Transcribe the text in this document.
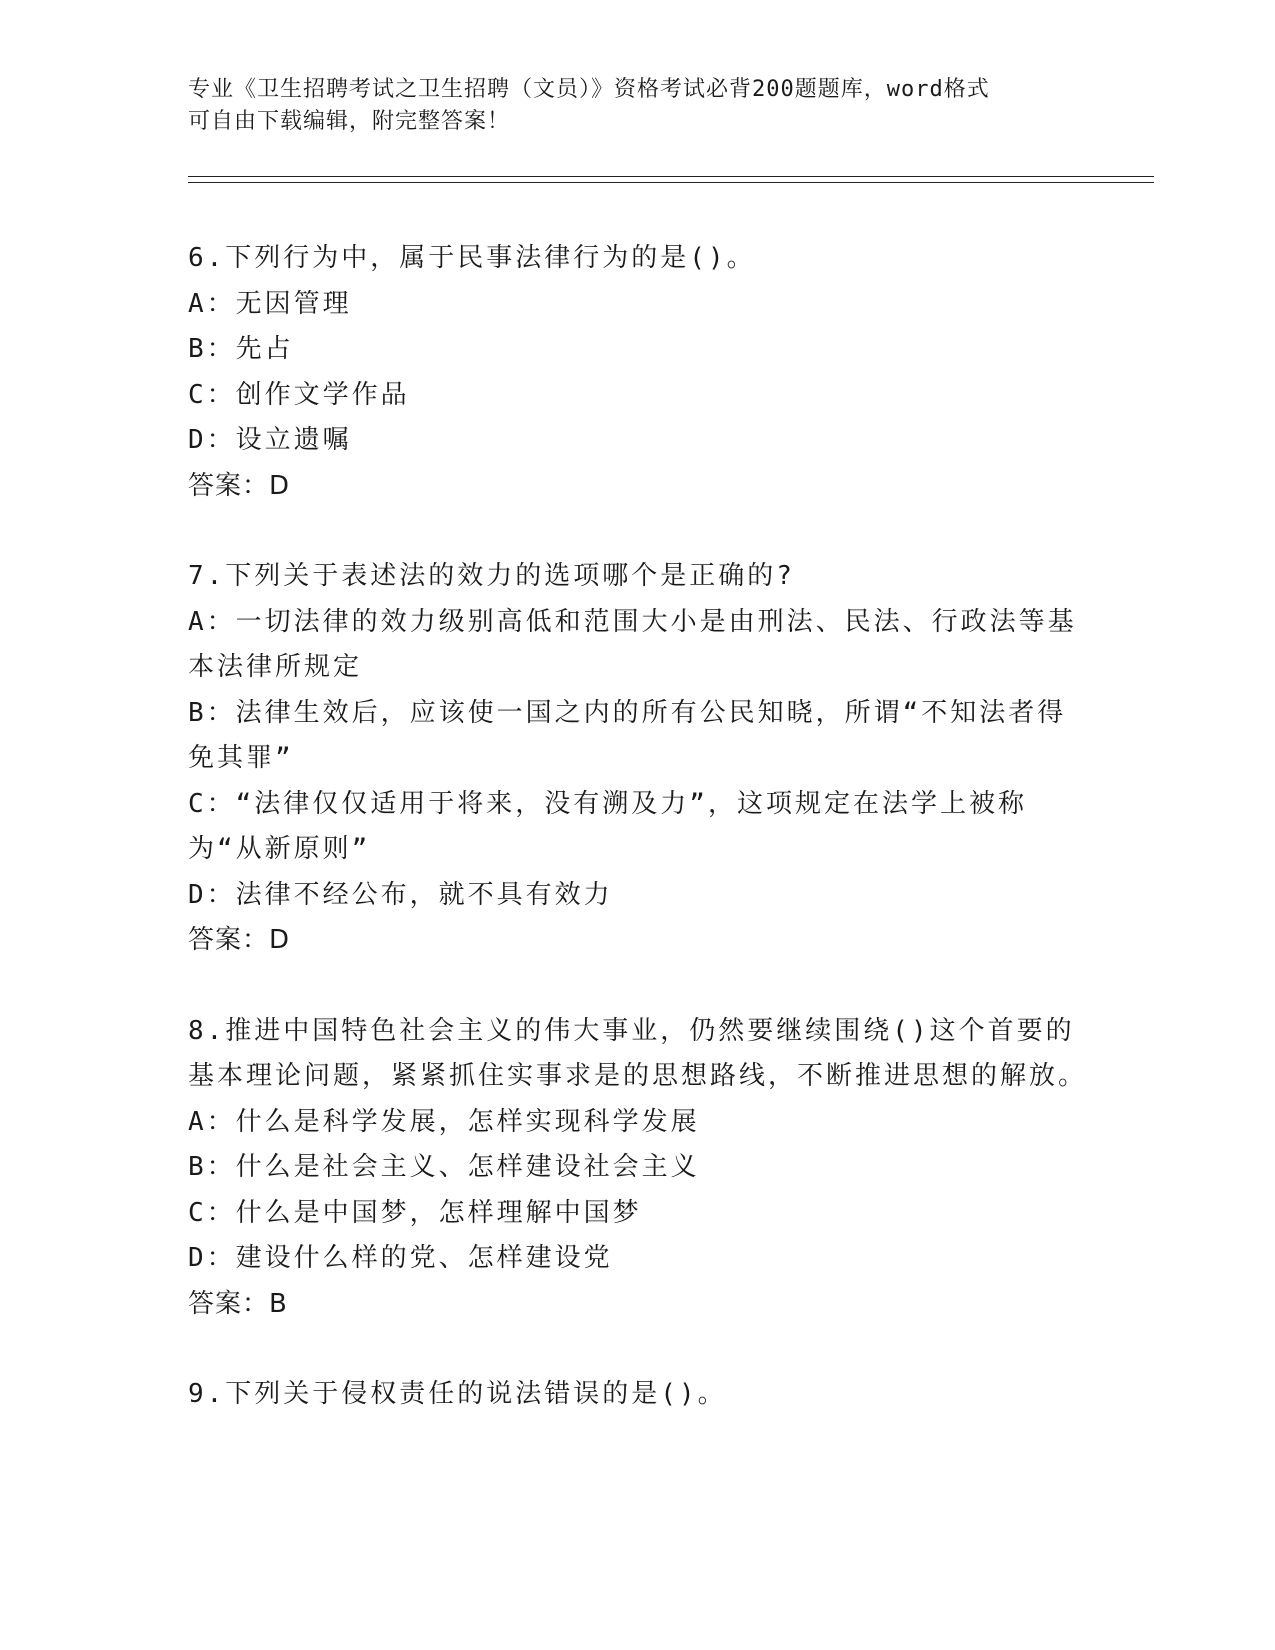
专业《卫生招聘考试之卫生招聘（文员）》资格考试必背200题题库，word格式
可自由下载编辑，附完整答案！
6.下列行为中，属于民事法律行为的是()。
A：无因管理
B：先占
C：创作文学作品
D：设立遗嘱
答案：D
7.下列关于表述法的效力的选项哪个是正确的?
A：一切法律的效力级别高低和范围大小是由刑法、民法、行政法等基本法律所规定
B：法律生效后，应该使一国之内的所有公民知晓，所谓“不知法者得免其罪”
C：“法律仅仅适用于将来，没有溯及力”，这项规定在法学上被称为“从新原则”
D：法律不经公布，就不具有效力
答案：D
8.推进中国特色社会主义的伟大事业，仍然要继续围绕()这个首要的基本理论问题，紧紧抓住实事求是的思想路线，不断推进思想的解放。
A：什么是科学发展，怎样实现科学发展
B：什么是社会主义、怎样建设社会主义
C：什么是中国梦，怎样理解中国梦
D：建设什么样的党、怎样建设党
答案：B
9.下列关于侵权责任的说法错误的是()。
